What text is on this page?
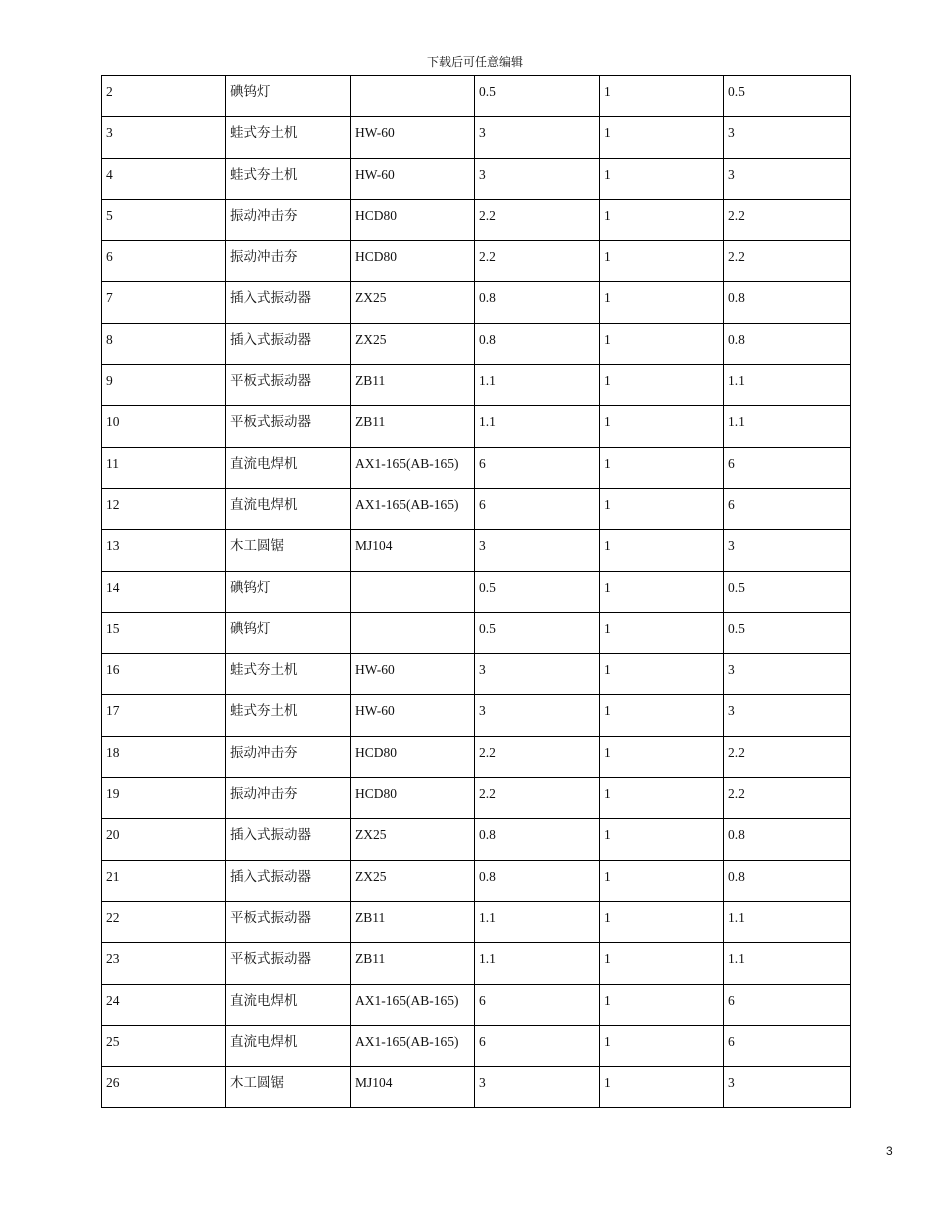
下载后可任意编辑
2	碘钨灯		0.5	1	0.5
3	蛙式夯土机	HW-60	3	1	3
4	蛙式夯土机	HW-60	3	1	3
5	振动冲击夯	HCD80	2.2	1	2.2
6	振动冲击夯	HCD80	2.2	1	2.2
7	插入式振动器	ZX25	0.8	1	0.8
8	插入式振动器	ZX25	0.8	1	0.8
9	平板式振动器	ZB11	1.1	1	1.1
10	平板式振动器	ZB11	1.1	1	1.1
11	直流电焊机	AX1-165(AB-165)	6	1	6
12	直流电焊机	AX1-165(AB-165)	6	1	6
13	木工圆锯	MJ104	3	1	3
14	碘钨灯		0.5	1	0.5
15	碘钨灯		0.5	1	0.5
16	蛙式夯土机	HW-60	3	1	3
17	蛙式夯土机	HW-60	3	1	3
18	振动冲击夯	HCD80	2.2	1	2.2
19	振动冲击夯	HCD80	2.2	1	2.2
20	插入式振动器	ZX25	0.8	1	0.8
21	插入式振动器	ZX25	0.8	1	0.8
22	平板式振动器	ZB11	1.1	1	1.1
23	平板式振动器	ZB11	1.1	1	1.1
24	直流电焊机	AX1-165(AB-165)	6	1	6
25	直流电焊机	AX1-165(AB-165)	6	1	6
26	木工圆锯	MJ104	3	1	3
3
